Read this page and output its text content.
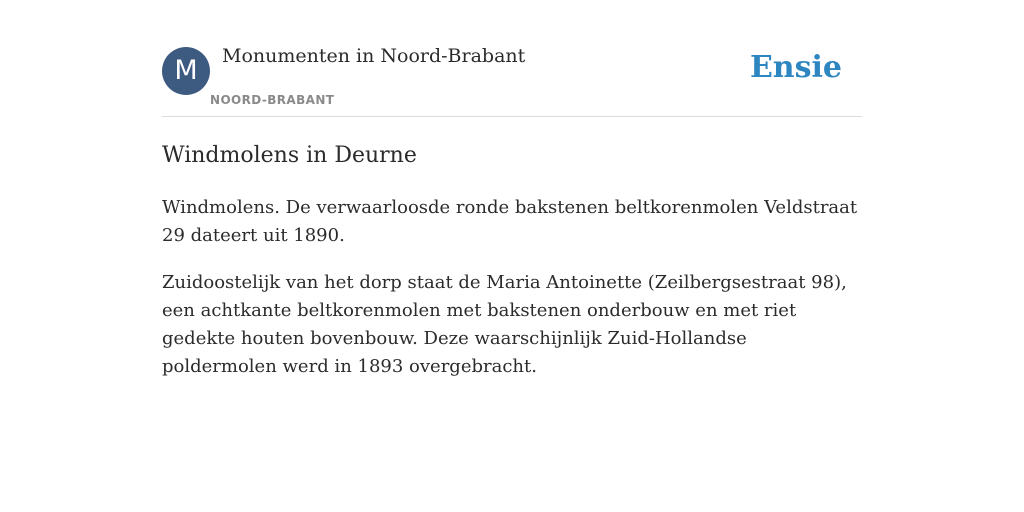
M	Monumenten in Noord-Brabant
NOORD-BRABANT
Ensie
Windmolens in Deurne

Windmolens. De verwaarloosde ronde bakstenen beltkorenmolen Veldstraat 29 dateert uit 1890.

Zuidoostelijk van het dorp staat de Maria Antoinette (Zeilbergsestraat 98), een achtkante beltkorenmolen met bakstenen onderbouw en met riet gedekte houten bovenbouw. Deze waarschijnlijk Zuid-Hollandse poldermolen werd in 1893 overgebracht.
